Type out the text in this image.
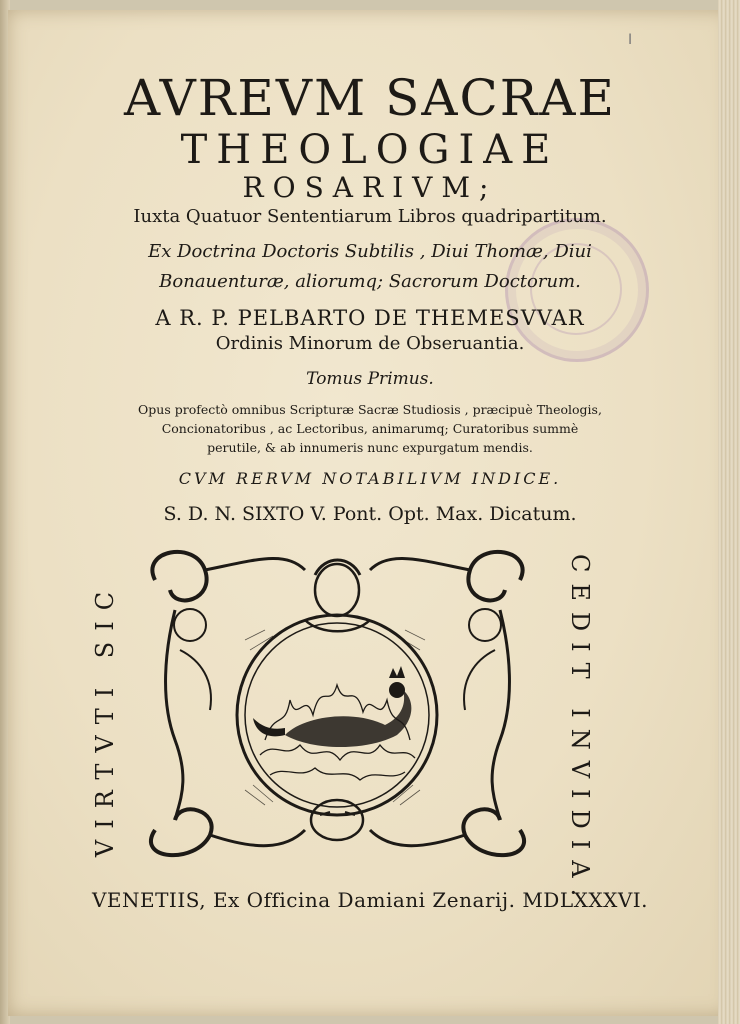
I
AVREVM SACRAE
THEOLOGIAE
ROSARIVM;
Iuxta Quatuor Sententiarum Libros quadripartitum.
Ex Doctrina Doctoris Subtilis , Diui Thomæ, Diui
Bonauenturæ, aliorumq; Sacrorum Doctorum.
A R. P. PELBARTO DE THEMESVVAR
Ordinis Minorum de Obseruantia.
Tomus Primus.
Opus profectò omnibus Scripturæ Sacræ Studiosis , præcipuè Theologis,
Concionatoribus , ac Lectoribus, animarumq; Curatoribus summè
perutile, & ab innumeris nunc expurgatum mendis.
CVM RERVM NOTABILIVM INDICE.
S. D. N. SIXTO V. Pont. Opt. Max. Dicatum.
VIRTVTI SIC	CEDIT INVIDIA.
VENETIIS, Ex Officina Damiani Zenarij. MDLXXXVI.
